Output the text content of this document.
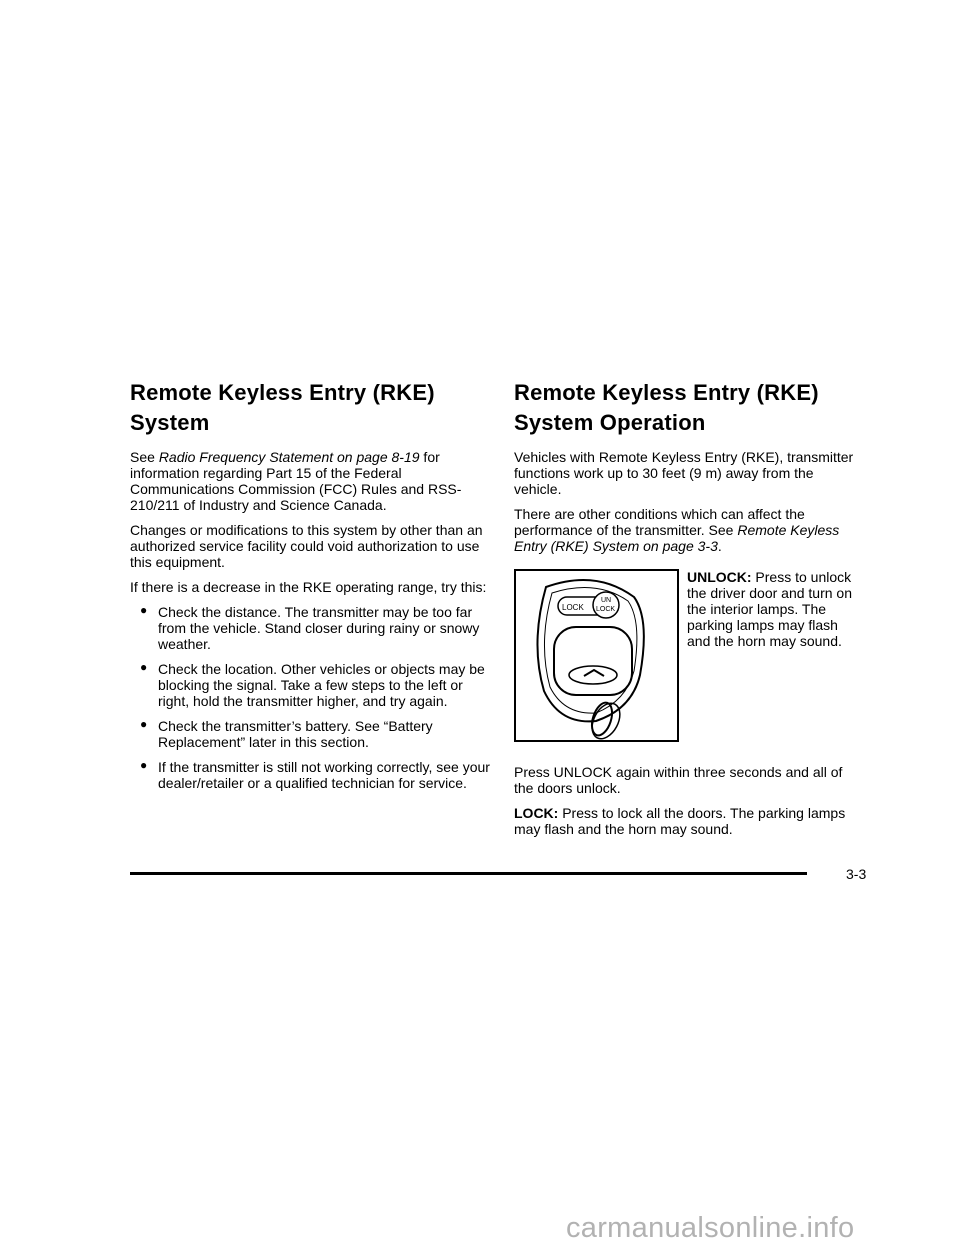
Remote Keyless Entry (RKE)
System

See Radio Frequency Statement on page 8-19 for information regarding Part 15 of the Federal Communications Commission (FCC) Rules and RSS-210/211 of Industry and Science Canada.

Changes or modifications to this system by other than an authorized service facility could void authorization to use this equipment.

If there is a decrease in the RKE operating range, try this:

● Check the distance. The transmitter may be too far from the vehicle. Stand closer during rainy or snowy weather.
● Check the location. Other vehicles or objects may be blocking the signal. Take a few steps to the left or right, hold the transmitter higher, and try again.
● Check the transmitter’s battery. See “Battery Replacement” later in this section.
● If the transmitter is still not working correctly, see your dealer/retailer or a qualified technician for service.
Remote Keyless Entry (RKE)
System Operation

Vehicles with Remote Keyless Entry (RKE), transmitter functions work up to 30 feet (9 m) away from the vehicle.

There are other conditions which can affect the performance of the transmitter. See Remote Keyless Entry (RKE) System on page 3-3.

LOCK
UN
LOCK
UNLOCK: Press to unlock the driver door and turn on the interior lamps. The parking lamps may flash and the horn may sound.

Press UNLOCK again within three seconds and all of the doors unlock.

LOCK: Press to lock all the doors. The parking lamps may flash and the horn may sound.

3-3
carmanualsonline.info
